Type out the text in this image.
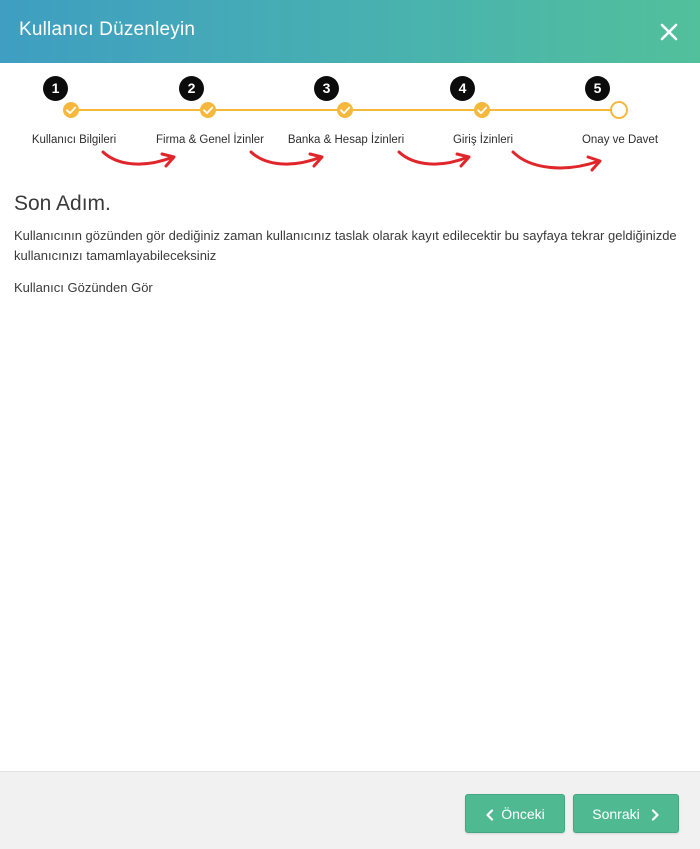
Kullanıcı Düzenleyin
1	2	3	4	5
Kullanıcı Bilgileri	Firma & Genel İzinler Banka & Hesap İzinleri	Giriş İzinleri	Onay ve Davet
Son Adım.

Kullanıcının gözünden gör dediğiniz zaman kullanıcınız taslak olarak kayıt edilecektir bu sayfaya tekrar geldiğinizde kullanıcınızı tamamlayabileceksiniz

Kullanıcı Gözünden Gör
Önceki	Sonraki
